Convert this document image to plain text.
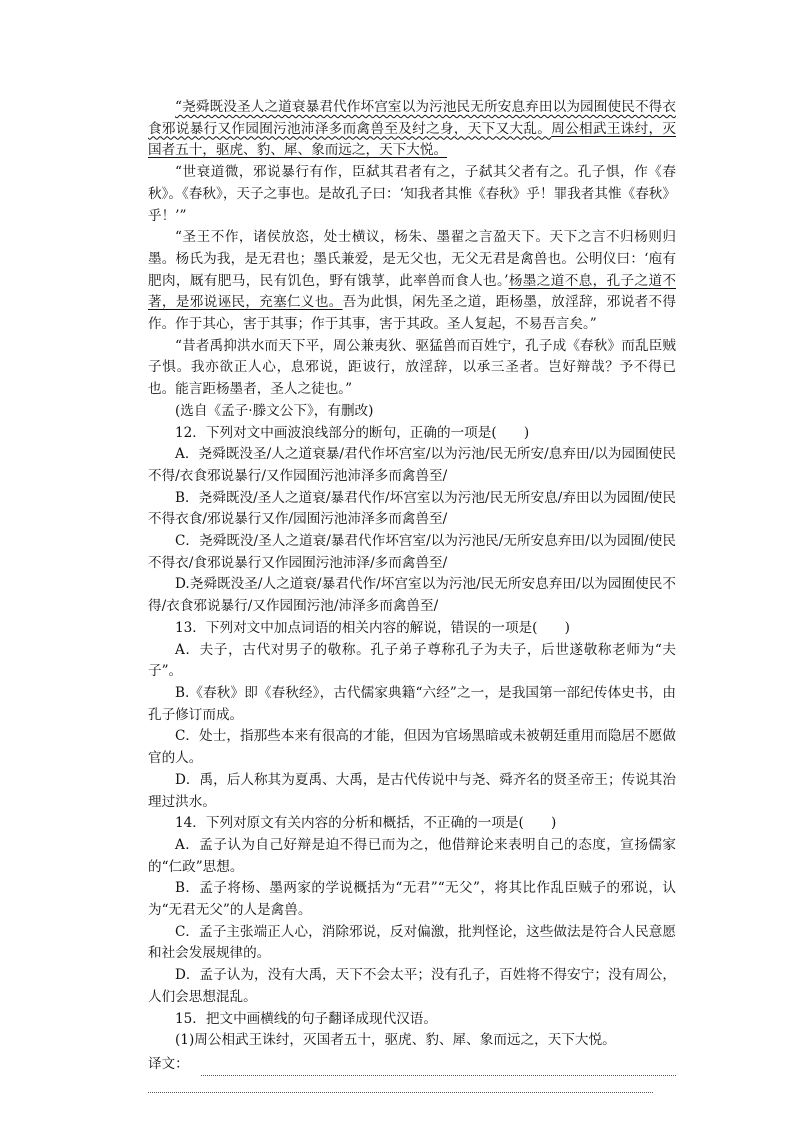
“尧舜既没圣人之道衰暴君代作坏宫室以为污池民无所安息弃田以为园囿使民不得衣食邪说暴行又作园囿污池沛泽多而禽兽至及纣之身，天下又大乱。周公相武王诛纣，灭国者五十，驱虎、豹、犀、象而远之，天下大悦。

“世衰道微，邪说暴行有作，臣弑其君者有之，子弑其父者有之。孔子惧，作《春秋》。《春秋》，天子之事也。是故孔子曰：‘知我者其惟《春秋》乎！罪我者其惟《春秋》乎！’”

“圣王不作，诸侯放恣，处士横议，杨朱、墨翟之言盈天下。天下之言不归杨则归墨。杨氏为我，是无君也；墨氏兼爱，是无父也，无父无君是禽兽也。公明仪曰：‘庖有肥肉，厩有肥马，民有饥色，野有饿莩，此率兽而食人也。’杨墨之道不息，孔子之道不著，是邪说诬民，充塞仁义也。吾为此惧，闲先圣之道，距杨墨，放淫辞，邪说者不得作。作于其心，害于其事；作于其事，害于其政。圣人复起，不易吾言矣。”

“昔者禹抑洪水而天下平，周公兼夷狄、驱猛兽而百姓宁，孔子成《春秋》而乱臣贼子惧。我亦欲正人心，息邪说，距诐行，放淫辞，以承三圣者。岂好辩哉？予不得已也。能言距杨墨者，圣人之徒也。”

(选自《孟子·滕文公下》，有删改)

12．下列对文中画波浪线部分的断句，正确的一项是(　　)

A．尧舜既没圣/人之道衰暴/君代作坏宫室/以为污池/民无所安/息弃田/以为园囿使民不得/衣食邪说暴行/又作园囿污池沛泽多而禽兽至/

B．尧舜既没/圣人之道衰/暴君代作/坏宫室以为污池/民无所安息/弃田以为园囿/使民不得衣食/邪说暴行又作/园囿污池沛泽多而禽兽至/

C．尧舜既没/圣人之道衰/暴君代作坏宫室/以为污池民/无所安息弃田/以为园囿/使民不得衣/食邪说暴行又作园囿污池沛泽/多而禽兽至/

D.尧舜既没圣/人之道衰/暴君代作/坏宫室以为污池/民无所安息弃田/以为园囿使民不得/衣食邪说暴行/又作园囿污池/沛泽多而禽兽至/

13．下列对文中加点词语的相关内容的解说，错误的一项是(　　)

A．夫子，古代对男子的敬称。孔子弟子尊称孔子为夫子，后世遂敬称老师为“夫子”。

B.《春秋》即《春秋经》，古代儒家典籍“六经”之一，是我国第一部纪传体史书，由孔子修订而成。

C．处士，指那些本来有很高的才能，但因为官场黑暗或未被朝廷重用而隐居不愿做官的人。

D．禹，后人称其为夏禹、大禹，是古代传说中与尧、舜齐名的贤圣帝王；传说其治理过洪水。

14．下列对原文有关内容的分析和概括，不正确的一项是(　　)

A．孟子认为自己好辩是迫不得已而为之，他借辩论来表明自己的态度，宣扬儒家的“仁政”思想。

B．孟子将杨、墨两家的学说概括为“无君”“无父”，将其比作乱臣贼子的邪说，认为“无君无父”的人是禽兽。

C．孟子主张端正人心，消除邪说，反对偏激，批判怪论，这些做法是符合人民意愿和社会发展规律的。

D．孟子认为，没有大禹，天下不会太平；没有孔子，百姓将不得安宁；没有周公，人们会思想混乱。

15．把文中画横线的句子翻译成现代汉语。

(1)周公相武王诛纣，灭国者五十，驱虎、豹、犀、象而远之，天下大悦。

译文：
